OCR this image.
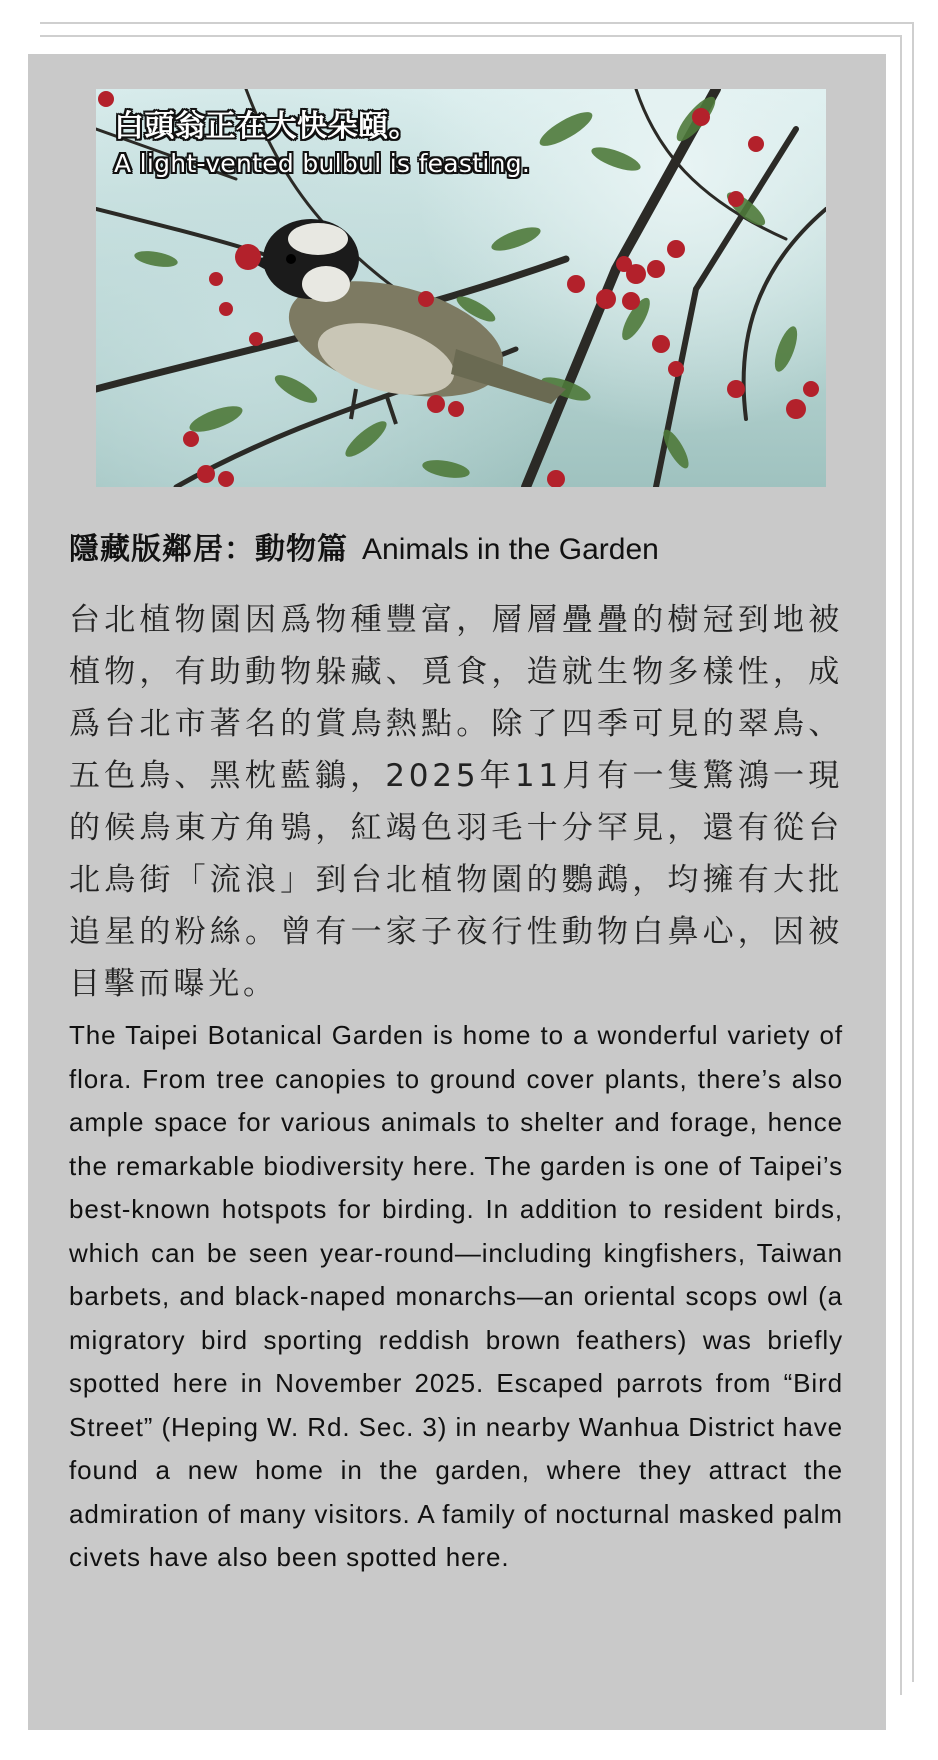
白頭翁正在大快朵頤。
A light-vented bulbul is feasting.
隱藏版鄰居：動物篇 Animals in the Garden
台北植物園因爲物種豐富，層層疊疊的樹冠到地被植物，有助動物躲藏、覓食，造就生物多樣性，成爲台北市著名的賞鳥熱點。除了四季可見的翠鳥、五色鳥、黑枕藍鶲，2025年11月有一隻驚鴻一現的候鳥東方角鴞，紅竭色羽毛十分罕見，還有從台北鳥街「流浪」到台北植物園的鸚鵡，均擁有大批追星的粉絲。曾有一家子夜行性動物白鼻心，因被目擊而曝光。
The Taipei Botanical Garden is home to a wonderful variety of flora. From tree canopies to ground cover plants, there’s also ample space for various animals to shelter and forage, hence the remarkable biodiversity here. The garden is one of Taipei’s best-known hotspots for birding. In addition to resident birds, which can be seen year-round—including kingfishers, Taiwan barbets, and black-naped monarchs—an oriental scops owl (a migratory bird sporting reddish brown feathers) was briefly spotted here in November 2025. Escaped parrots from “Bird Street” (Heping W. Rd. Sec. 3) in nearby Wanhua District have found a new home in the garden, where they attract the admiration of many visitors. A family of nocturnal masked palm civets have also been spotted here.
